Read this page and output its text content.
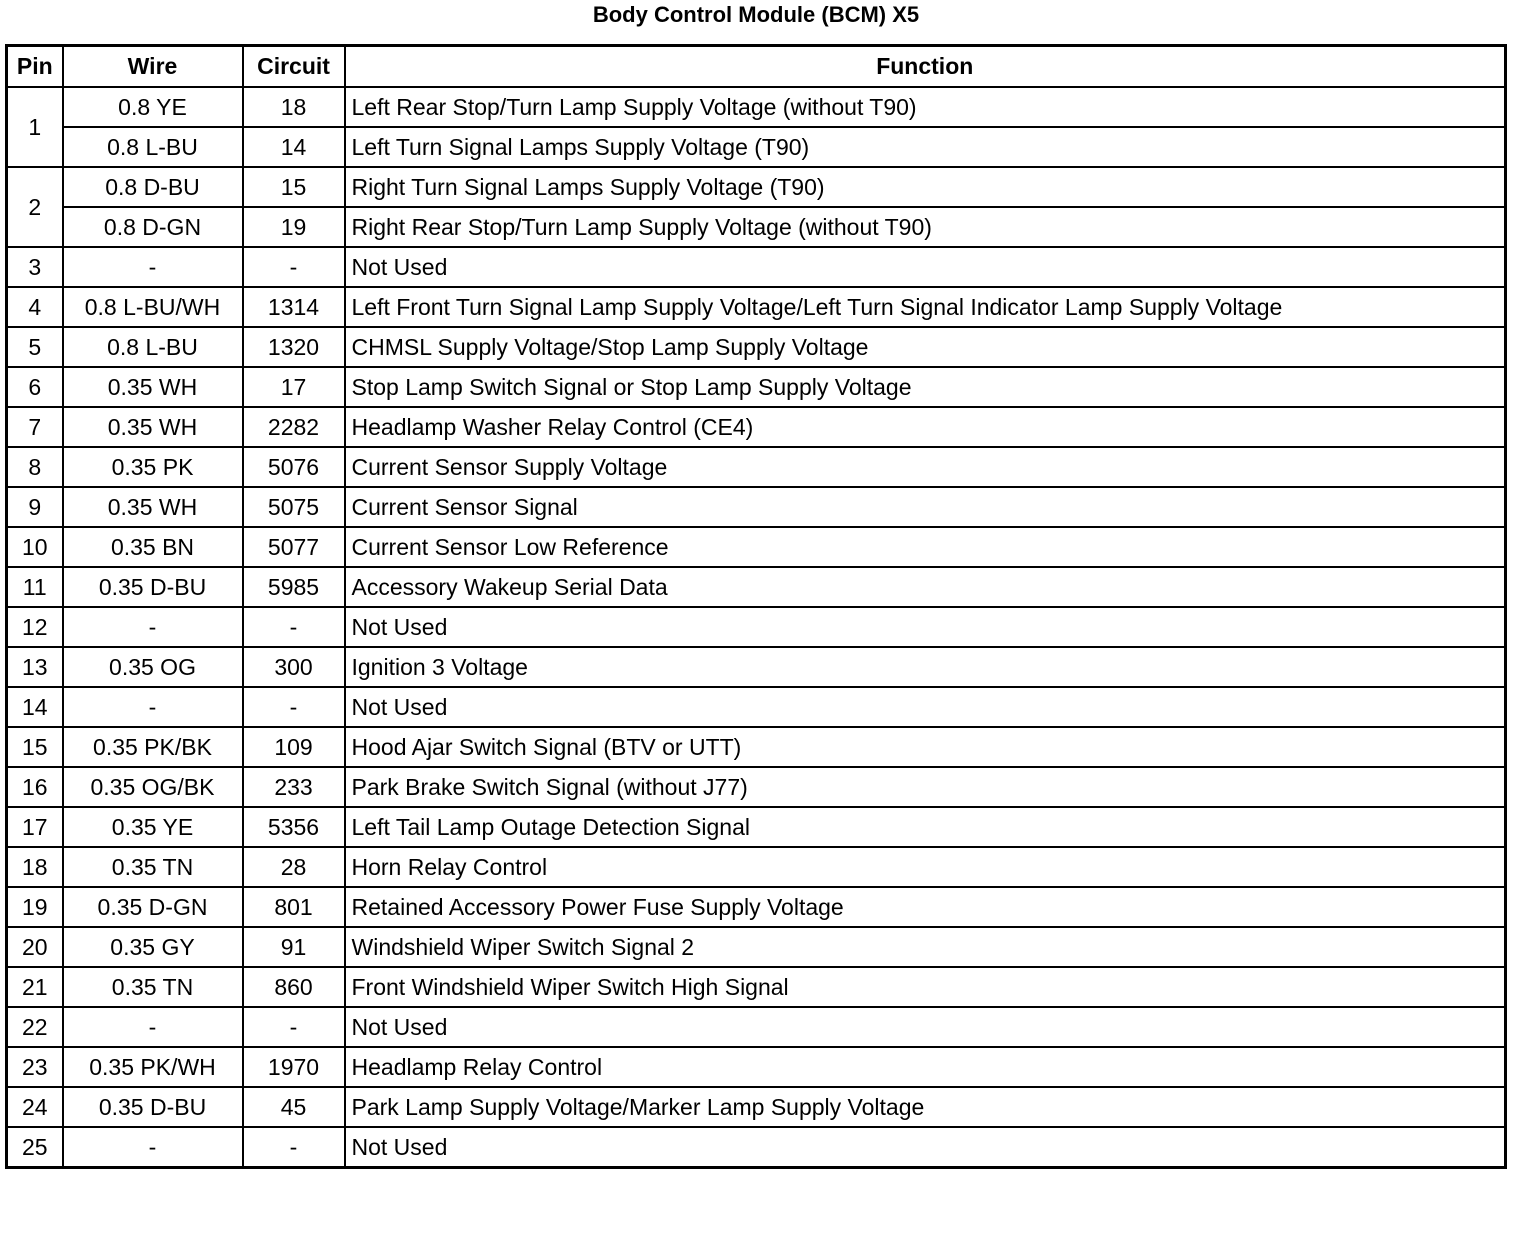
Body Control Module (BCM) X5
Pin	Wire	Circuit	Function
1	0.8 YE	18	Left Rear Stop/Turn Lamp Supply Voltage (without T90)
	0.8 L-BU	14	Left Turn Signal Lamps Supply Voltage (T90)
2	0.8 D-BU	15	Right Turn Signal Lamps Supply Voltage (T90)
	0.8 D-GN	19	Right Rear Stop/Turn Lamp Supply Voltage (without T90)
3	-	-	Not Used
4	0.8 L-BU/WH	1314	Left Front Turn Signal Lamp Supply Voltage/Left Turn Signal Indicator Lamp Supply Voltage
5	0.8 L-BU	1320	CHMSL Supply Voltage/Stop Lamp Supply Voltage
6	0.35 WH	17	Stop Lamp Switch Signal or Stop Lamp Supply Voltage
7	0.35 WH	2282	Headlamp Washer Relay Control (CE4)
8	0.35 PK	5076	Current Sensor Supply Voltage
9	0.35 WH	5075	Current Sensor Signal
10	0.35 BN	5077	Current Sensor Low Reference
11	0.35 D-BU	5985	Accessory Wakeup Serial Data
12	-	-	Not Used
13	0.35 OG	300	Ignition 3 Voltage
14	-	-	Not Used
15	0.35 PK/BK	109	Hood Ajar Switch Signal (BTV or UTT)
16	0.35 OG/BK	233	Park Brake Switch Signal (without J77)
17	0.35 YE	5356	Left Tail Lamp Outage Detection Signal
18	0.35 TN	28	Horn Relay Control
19	0.35 D-GN	801	Retained Accessory Power Fuse Supply Voltage
20	0.35 GY	91	Windshield Wiper Switch Signal 2
21	0.35 TN	860	Front Windshield Wiper Switch High Signal
22	-	-	Not Used
23	0.35 PK/WH	1970	Headlamp Relay Control
24	0.35 D-BU	45	Park Lamp Supply Voltage/Marker Lamp Supply Voltage
25	-	-	Not Used
